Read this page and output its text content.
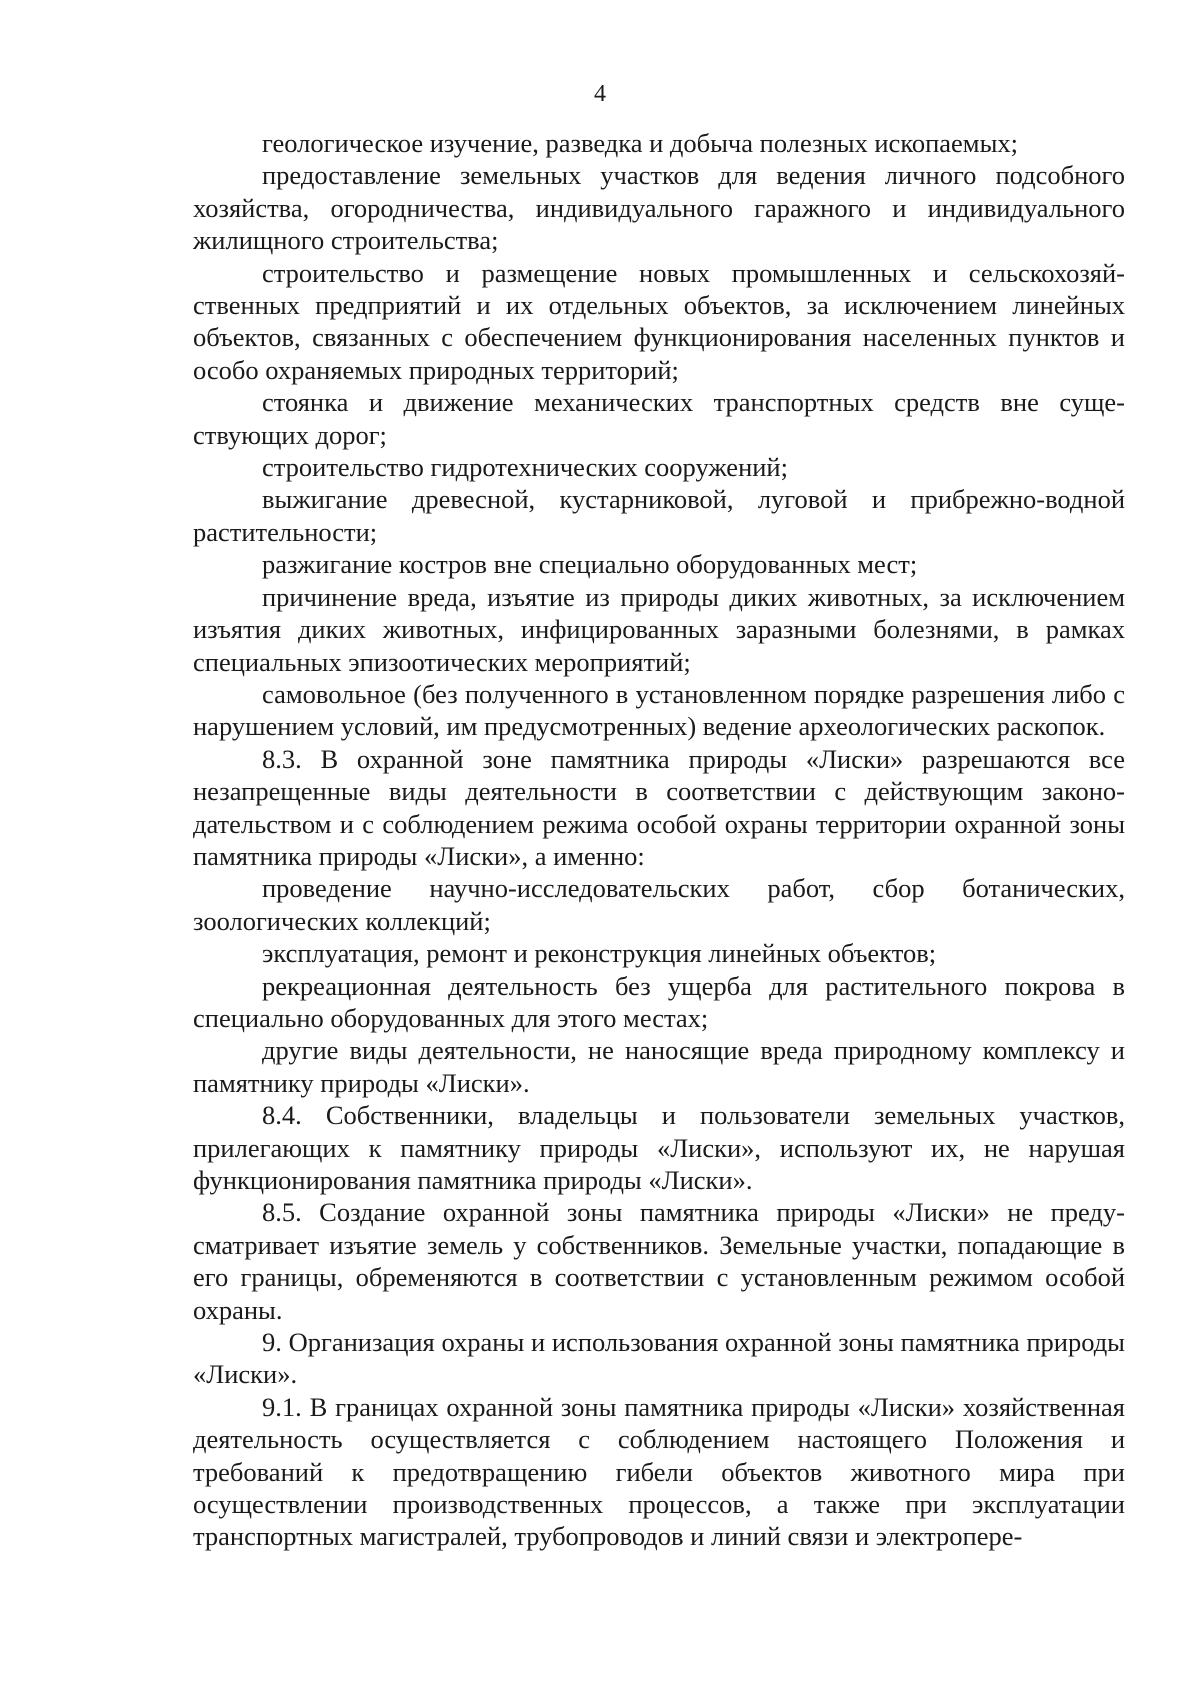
4

геологическое изучение, разведка и добыча полезных ископаемых;

предоставление земельных участков для ведения личного подсобного хозяйства, огородничества, индивидуального гаражного и индивидуального жилищного строительства;

строительство и размещение новых промышленных и сельскохозяйственных предприятий и их отдельных объектов, за исключением линейных объектов, связанных с обеспечением функционирования населенных пунктов и особо охраняемых природных территорий;

стоянка и движение механических транспортных средств вне существующих дорог;

строительство гидротехнических сооружений;

выжигание древесной, кустарниковой, луговой и прибрежно-водной растительности;

разжигание костров вне специально оборудованных мест;

причинение вреда, изъятие из природы диких животных, за исключением изъятия диких животных, инфицированных заразными болезнями, в рамках специальных эпизоотических мероприятий;

самовольное (без полученного в установленном порядке разрешения либо с нарушением условий, им предусмотренных) ведение археологических раскопок.

8.3. В охранной зоне памятника природы «Лиски» разрешаются все незапрещенные виды деятельности в соответствии с действующим законодательством и с соблюдением режима особой охраны территории охранной зоны памятника природы «Лиски», а именно:

проведение научно-исследовательских работ, сбор ботанических, зоологических коллекций;

эксплуатация, ремонт и реконструкция линейных объектов;

рекреационная деятельность без ущерба для растительного покрова в специально оборудованных для этого местах;

другие виды деятельности, не наносящие вреда природному комплексу и памятнику природы «Лиски».

8.4. Собственники, владельцы и пользователи земельных участков, прилегающих к памятнику природы «Лиски», используют их, не нарушая функционирования памятника природы «Лиски».

8.5. Создание охранной зоны памятника природы «Лиски» не предусматривает изъятие земель у собственников. Земельные участки, попадающие в его границы, обременяются в соответствии с установленным режимом особой охраны.

9. Организация охраны и использования охранной зоны памятника природы «Лиски».

9.1. В границах охранной зоны памятника природы «Лиски» хозяйственная деятельность осуществляется с соблюдением настоящего Положения и требований к предотвращению гибели объектов животного мира при осуществлении производственных процессов, а также при эксплуатации транспортных магистралей, трубопроводов и линий связи и электропере-
